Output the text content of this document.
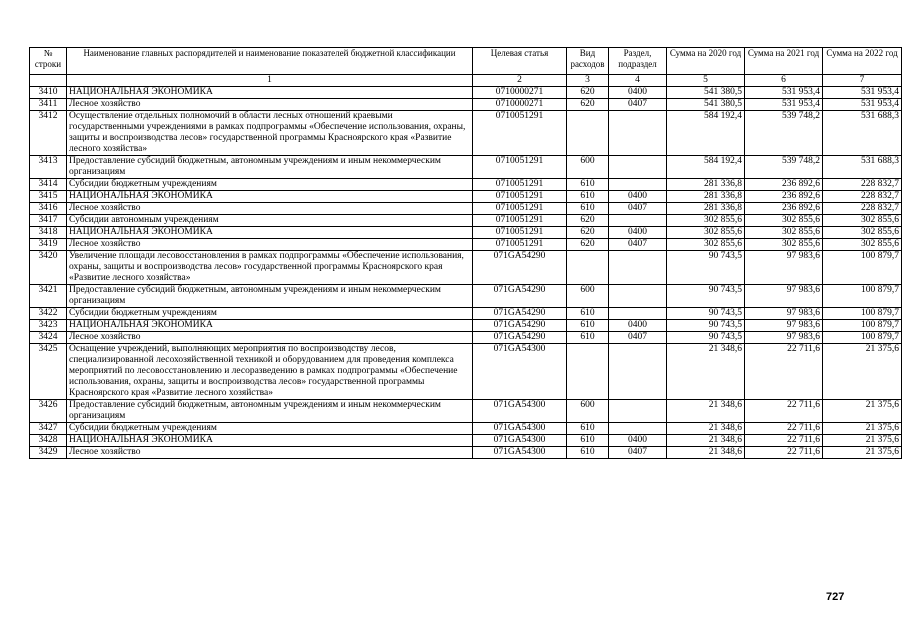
№ строки	Наименование главных распорядителей и наименование показателей бюджетной классификации	Целевая статья	Вид расходов	Раздел, подраздел	Сумма на 2020 год	Сумма на 2021 год	Сумма на 2022 год
	1	2	3	4	5	6	7
3410	НАЦИОНАЛЬНАЯ ЭКОНОМИКА	0710000271	620	0400	541 380,5	531 953,4	531 953,4
3411	Лесное хозяйство	0710000271	620	0407	541 380,5	531 953,4	531 953,4
3412	Осуществление отдельных полномочий в области лесных отношений краевыми государственными учреждениями в рамках подпрограммы «Обеспечение использования, охраны, защиты и воспроизводства лесов» государственной программы Красноярского края «Развитие лесного хозяйства»	0710051291			584 192,4	539 748,2	531 688,3
3413	Предоставление субсидий бюджетным, автономным учреждениям и иным некоммерческим организациям	0710051291	600		584 192,4	539 748,2	531 688,3
3414	Субсидии бюджетным учреждениям	0710051291	610		281 336,8	236 892,6	228 832,7
3415	НАЦИОНАЛЬНАЯ ЭКОНОМИКА	0710051291	610	0400	281 336,8	236 892,6	228 832,7
3416	Лесное хозяйство	0710051291	610	0407	281 336,8	236 892,6	228 832,7
3417	Субсидии автономным учреждениям	0710051291	620		302 855,6	302 855,6	302 855,6
3418	НАЦИОНАЛЬНАЯ ЭКОНОМИКА	0710051291	620	0400	302 855,6	302 855,6	302 855,6
3419	Лесное хозяйство	0710051291	620	0407	302 855,6	302 855,6	302 855,6
3420	Увеличение площади лесовосстановления в рамках подпрограммы «Обеспечение использования, охраны, защиты и воспроизводства лесов» государственной программы Красноярского края «Развитие лесного хозяйства»	071GA54290			90 743,5	97 983,6	100 879,7
3421	Предоставление субсидий бюджетным, автономным учреждениям и иным некоммерческим организациям	071GA54290	600		90 743,5	97 983,6	100 879,7
3422	Субсидии бюджетным учреждениям	071GA54290	610		90 743,5	97 983,6	100 879,7
3423	НАЦИОНАЛЬНАЯ ЭКОНОМИКА	071GA54290	610	0400	90 743,5	97 983,6	100 879,7
3424	Лесное хозяйство	071GA54290	610	0407	90 743,5	97 983,6	100 879,7
3425	Оснащение учреждений, выполняющих мероприятия по воспроизводству лесов, специализированной лесохозяйственной техникой и оборудованием для проведения комплекса мероприятий по лесовосстановлению и лесоразведению в рамках подпрограммы «Обеспечение использования, охраны, защиты и воспроизводства лесов» государственной программы Красноярского края «Развитие лесного хозяйства»	071GA54300			21 348,6	22 711,6	21 375,6
3426	Предоставление субсидий бюджетным, автономным учреждениям и иным некоммерческим организациям	071GA54300	600		21 348,6	22 711,6	21 375,6
3427	Субсидии бюджетным учреждениям	071GA54300	610		21 348,6	22 711,6	21 375,6
3428	НАЦИОНАЛЬНАЯ ЭКОНОМИКА	071GA54300	610	0400	21 348,6	22 711,6	21 375,6
3429	Лесное хозяйство	071GA54300	610	0407	21 348,6	22 711,6	21 375,6
727
